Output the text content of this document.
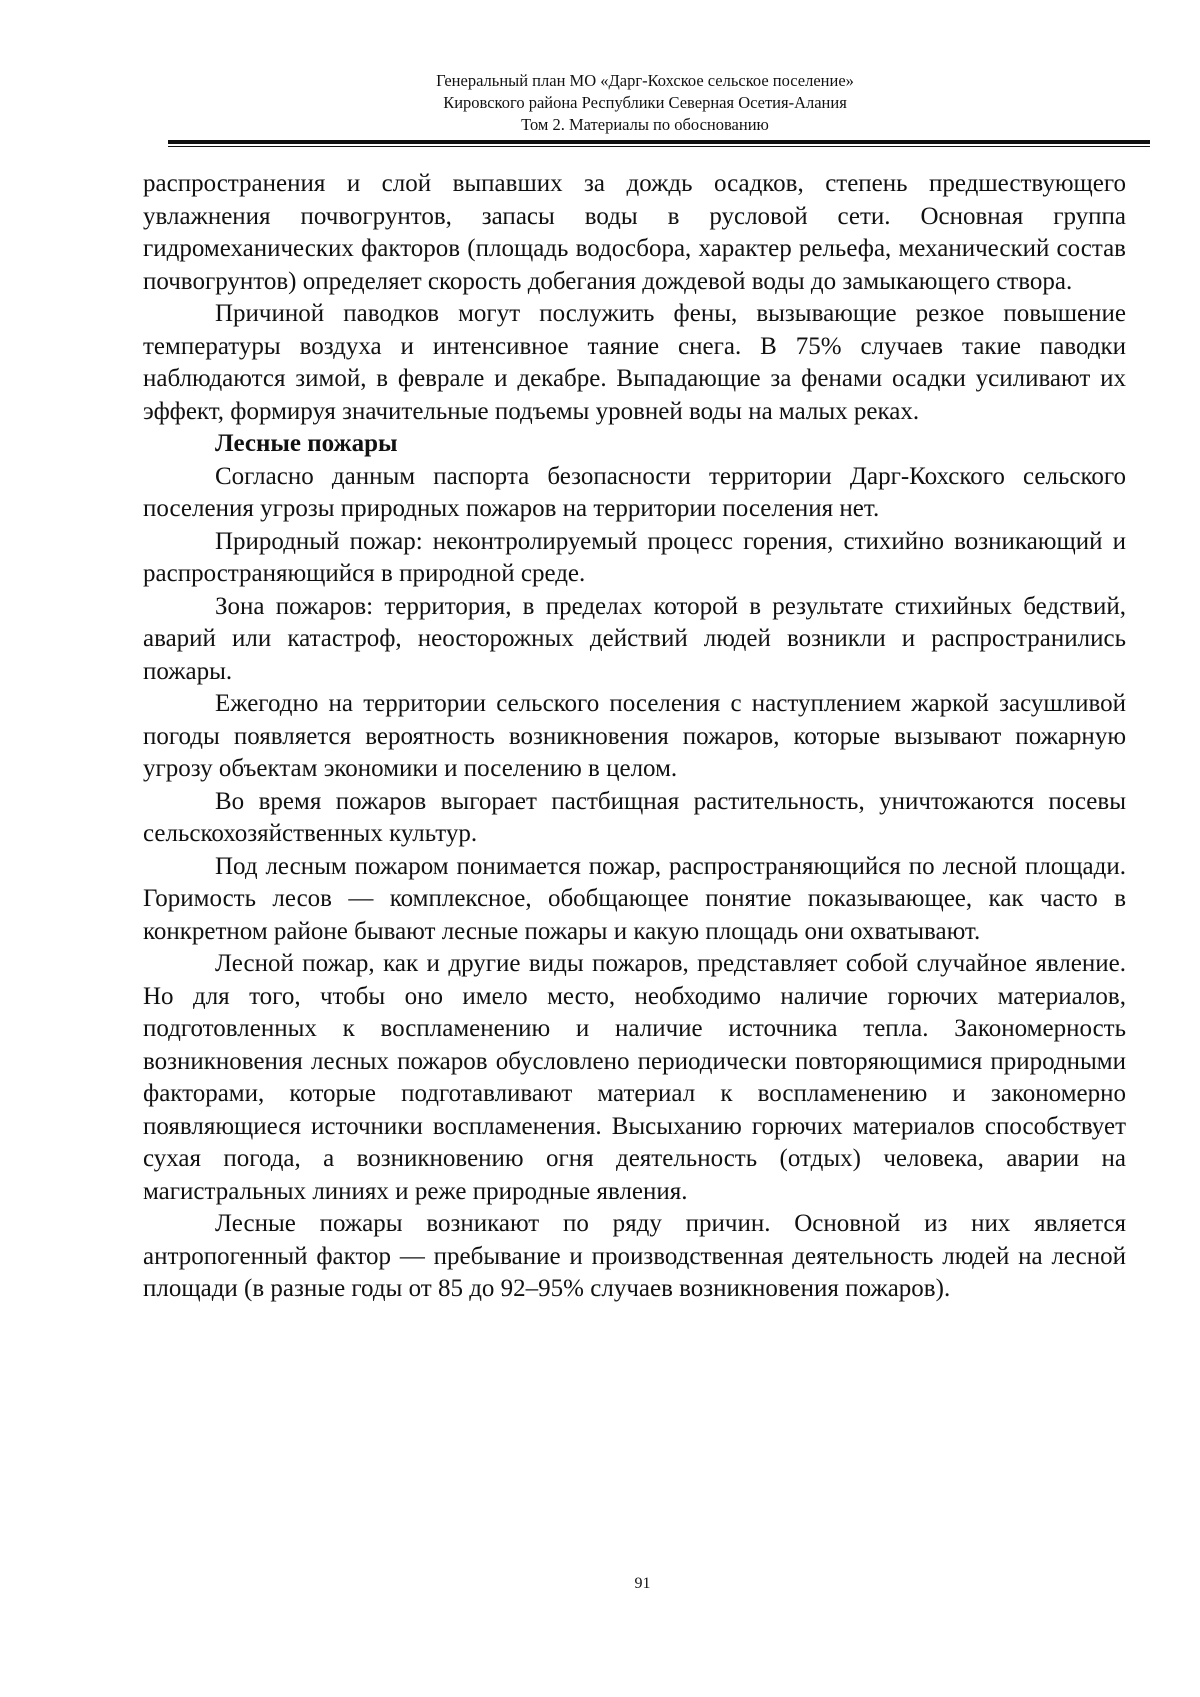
Генеральный план МО «Дарг-Кохское сельское поселение»
Кировского района Республики Северная Осетия-Алания
Том 2. Материалы по обоснованию

распространения и слой выпавших за дождь осадков, степень предшествующего увлажнения почвогрунтов, запасы воды в русловой сети. Основная группа гидромеханических факторов (площадь водосбора, характер рельефа, механический состав почвогрунтов) определяет скорость добегания дождевой воды до замыкающего створа.

Причиной паводков могут послужить фены, вызывающие резкое повышение температуры воздуха и интенсивное таяние снега. В 75% случаев такие паводки наблюдаются зимой, в феврале и декабре. Выпадающие за фенами осадки усиливают их эффект, формируя значительные подъемы уровней воды на малых реках.

Лесные пожары

Согласно данным паспорта безопасности территории Дарг-Кохского сельского поселения угрозы природных пожаров на территории поселения нет.

Природный пожар: неконтролируемый процесс горения, стихийно возникающий и распространяющийся в природной среде.

Зона пожаров: территория, в пределах которой в результате стихийных бедствий, аварий или катастроф, неосторожных действий людей возникли и распространились пожары.

Ежегодно на территории сельского поселения с наступлением жаркой засушливой погоды появляется вероятность возникновения пожаров, которые вызывают пожарную угрозу объектам экономики и поселению в целом.

Во время пожаров выгорает пастбищная растительность, уничтожаются посевы сельскохозяйственных культур.

Под лесным пожаром понимается пожар, распространяющийся по лесной площади. Горимость лесов — комплексное, обобщающее понятие показывающее, как часто в конкретном районе бывают лесные пожары и какую площадь они охватывают.

Лесной пожар, как и другие виды пожаров, представляет собой случайное явление. Но для того, чтобы оно имело место, необходимо наличие горючих материалов, подготовленных к воспламенению и наличие источника тепла. Закономерность возникновения лесных пожаров обусловлено периодически повторяющимися природными факторами, которые подготавливают материал к воспламенению и закономерно появляющиеся источники воспламенения. Высыханию горючих материалов способствует сухая погода, а возникновению огня деятельность (отдых) человека, аварии на магистральных линиях и реже природные явления.

Лесные пожары возникают по ряду причин. Основной из них является антропогенный фактор — пребывание и производственная деятельность людей на лесной площади (в разные годы от 85 до 92–95% случаев возникновения пожаров).

91
